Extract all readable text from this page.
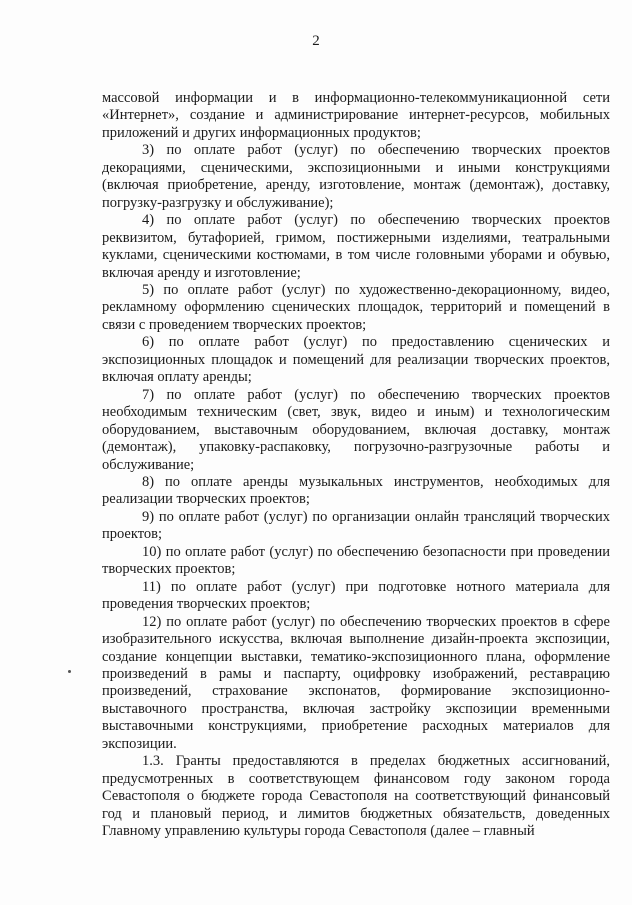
2

массовой информации и в информационно-телекоммуникационной сети «Интернет», создание и администрирование интернет-ресурсов, мобильных приложений и других информационных продуктов;

3) по оплате работ (услуг) по обеспечению творческих проектов декорациями, сценическими, экспозиционными и иными конструкциями (включая приобретение, аренду, изготовление, монтаж (демонтаж), доставку, погрузку-разгрузку и обслуживание);

4) по оплате работ (услуг) по обеспечению творческих проектов реквизитом, бутафорией, гримом, постижерными изделиями, театральными куклами, сценическими костюмами, в том числе головными уборами и обувью, включая аренду и изготовление;

5) по оплате работ (услуг) по художественно-декорационному, видео, рекламному оформлению сценических площадок, территорий и помещений в связи с проведением творческих проектов;

6) по оплате работ (услуг) по предоставлению сценических и экспозиционных площадок и помещений для реализации творческих проектов, включая оплату аренды;

7) по оплате работ (услуг) по обеспечению творческих проектов необходимым техническим (свет, звук, видео и иным) и технологическим оборудованием, выставочным оборудованием, включая доставку, монтаж (демонтаж), упаковку-распаковку, погрузочно-разгрузочные работы и обслуживание;

8) по оплате аренды музыкальных инструментов, необходимых для реализации творческих проектов;

9) по оплате работ (услуг) по организации онлайн трансляций творческих проектов;

10) по оплате работ (услуг) по обеспечению безопасности при проведении творческих проектов;

11) по оплате работ (услуг) при подготовке нотного материала для проведения творческих проектов;

12) по оплате работ (услуг) по обеспечению творческих проектов в сфере изобразительного искусства, включая выполнение дизайн-проекта экспозиции, создание концепции выставки, тематико-экспозиционного плана, оформление произведений в рамы и паспарту, оцифровку изображений, реставрацию произведений, страхование экспонатов, формирование экспозиционно-выставочного пространства, включая застройку экспозиции временными выставочными конструкциями, приобретение расходных материалов для экспозиции.

1.3. Гранты предоставляются в пределах бюджетных ассигнований, предусмотренных в соответствующем финансовом году законом города Севастополя о бюджете города Севастополя на соответствующий финансовый год и плановый период, и лимитов бюджетных обязательств, доведенных Главному управлению культуры города Севастополя (далее – главный
